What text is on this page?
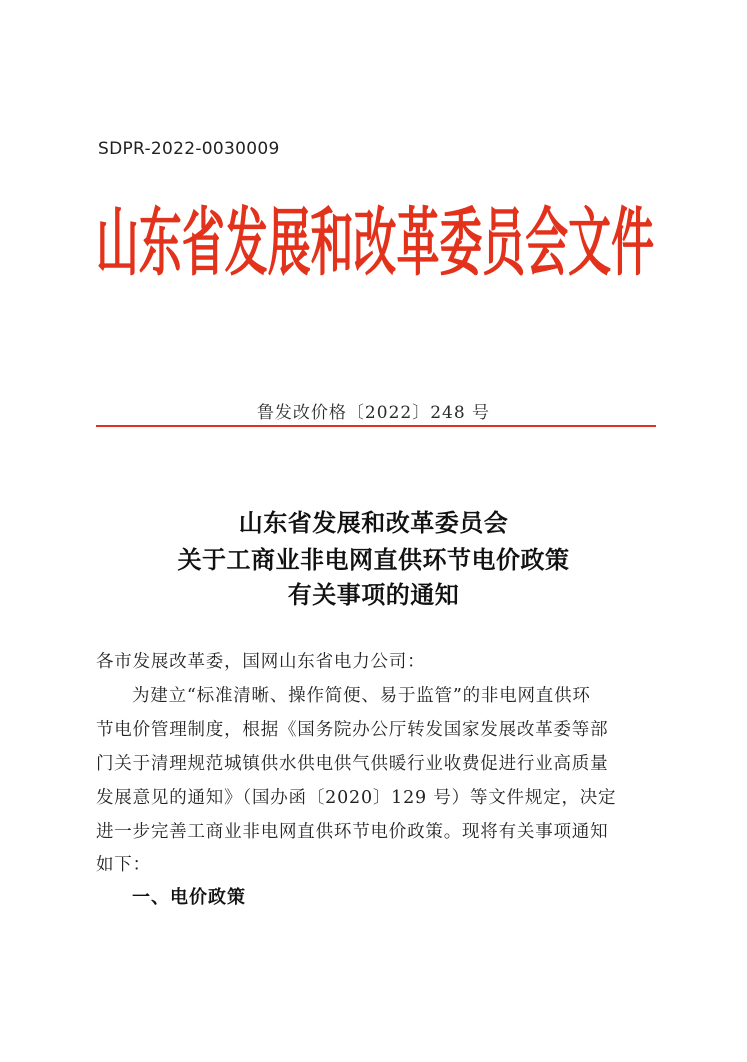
SDPR-2022-0030009
山东省发展和改革委员会文件
鲁发改价格〔2022〕248 号
山东省发展和改革委员会
关于工商业非电网直供环节电价政策
有关事项的通知
各市发展改革委，国网山东省电力公司：
为建立“标准清晰、操作简便、易于监管”的非电网直供环
节电价管理制度，根据《国务院办公厅转发国家发展改革委等部
门关于清理规范城镇供水供电供气供暖行业收费促进行业高质量
发展意见的通知》（国办函〔2020〕129 号）等文件规定，决定
进一步完善工商业非电网直供环节电价政策。现将有关事项通知
如下：
一、电价政策
